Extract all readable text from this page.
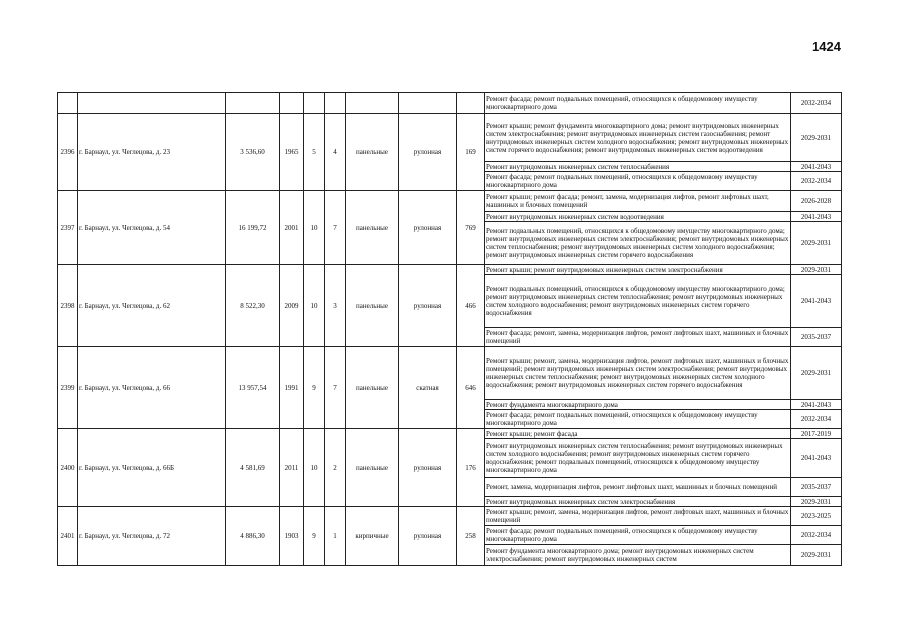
1424
									Ремонт фасада; ремонт подвальных помещений, относящихся к общедомовому имуществу многоквартирного дома	2032-2034
2396	г. Барнаул, ул. Чеглецова, д. 23	3 536,60	1965	5	4	панельные	рулонная	169	Ремонт крыши; ремонт фундамента многоквартирного дома; ремонт внутридомовых инженерных систем электроснабжения; ремонт внутридомовых инженерных систем газоснабжения; ремонт внутридомовых инженерных систем холодного водоснабжения; ремонт внутридомовых инженерных систем горячего водоснабжения; ремонт внутридомовых инженерных систем водоотведения	2029-2031
									Ремонт внутридомовых инженерных систем теплоснабжения	2041-2043
									Ремонт фасада; ремонт подвальных помещений, относящихся к общедомовому имуществу многоквартирного дома	2032-2034
2397	г. Барнаул, ул. Чеглецова, д. 54	16 199,72	2001	10	7	панельные	рулонная	769	Ремонт крыши; ремонт фасада; ремонт, замена, модернизация лифтов, ремонт лифтовых шахт, машинных и блочных помещений	2026-2028
									Ремонт внутридомовых инженерных систем водоотведения	2041-2043
									Ремонт подвальных помещений, относящихся к общедомовому имуществу многоквартирного дома; ремонт внутридомовых инженерных систем электроснабжения; ремонт внутридомовых инженерных систем теплоснабжения; ремонт внутридомовых инженерных систем холодного водоснабжения; ремонт внутридомовых инженерных систем горячего водоснабжения	2029-2031
2398	г. Барнаул, ул. Чеглецова, д. 62	8 522,30	2009	10	3	панельные	рулонная	466	Ремонт крыши; ремонт внутридомовых инженерных систем электроснабжения	2029-2031
									Ремонт подвальных помещений, относящихся к общедомовому имуществу многоквартирного дома; ремонт внутридомовых инженерных систем теплоснабжения; ремонт внутридомовых инженерных систем холодного водоснабжения; ремонт внутридомовых инженерных систем горячего водоснабжения	2041-2043
									Ремонт фасада; ремонт, замена, модернизация лифтов, ремонт лифтовых шахт, машинных и блочных помещений	2035-2037
2399	г. Барнаул, ул. Чеглецова, д. 66	13 957,54	1991	9	7	панельные	скатная	646	Ремонт крыши; ремонт, замена, модернизация лифтов, ремонт лифтовых шахт, машинных и блочных помещений; ремонт внутридомовых инженерных систем электроснабжения; ремонт внутридомовых инженерных систем теплоснабжения; ремонт внутридомовых инженерных систем холодного водоснабжения; ремонт внутридомовых инженерных систем горячего водоснабжения	2029-2031
									Ремонт фундамента многоквартирного дома	2041-2043
									Ремонт фасада; ремонт подвальных помещений, относящихся к общедомовому имуществу многоквартирного дома	2032-2034
2400	г. Барнаул, ул. Чеглецова, д. 66Б	4 581,69	2011	10	2	панельные	рулонная	176	Ремонт крыши; ремонт фасада	2017-2019
									Ремонт внутридомовых инженерных систем теплоснабжения; ремонт внутридомовых инженерных систем холодного водоснабжения; ремонт внутридомовых инженерных систем горячего водоснабжения; ремонт подвальных помещений, относящихся к общедомовому имуществу многоквартирного дома	2041-2043
									Ремонт, замена, модернизация лифтов, ремонт лифтовых шахт, машинных и блочных помещений	2035-2037
									Ремонт внутридомовых инженерных систем электроснабжения	2029-2031
2401	г. Барнаул, ул. Чеглецова, д. 72	4 886,30	1903	9	1	кирпичные	рулонная	258	Ремонт крыши; ремонт, замена, модернизация лифтов, ремонт лифтовых шахт, машинных и блочных помещений	2023-2025
									Ремонт фасада; ремонт подвальных помещений, относящихся к общедомовому имуществу многоквартирного дома	2032-2034
									Ремонт фундамента многоквартирного дома; ремонт внутридомовых инженерных систем электроснабжения; ремонт внутридомовых инженерных систем	2029-2031
